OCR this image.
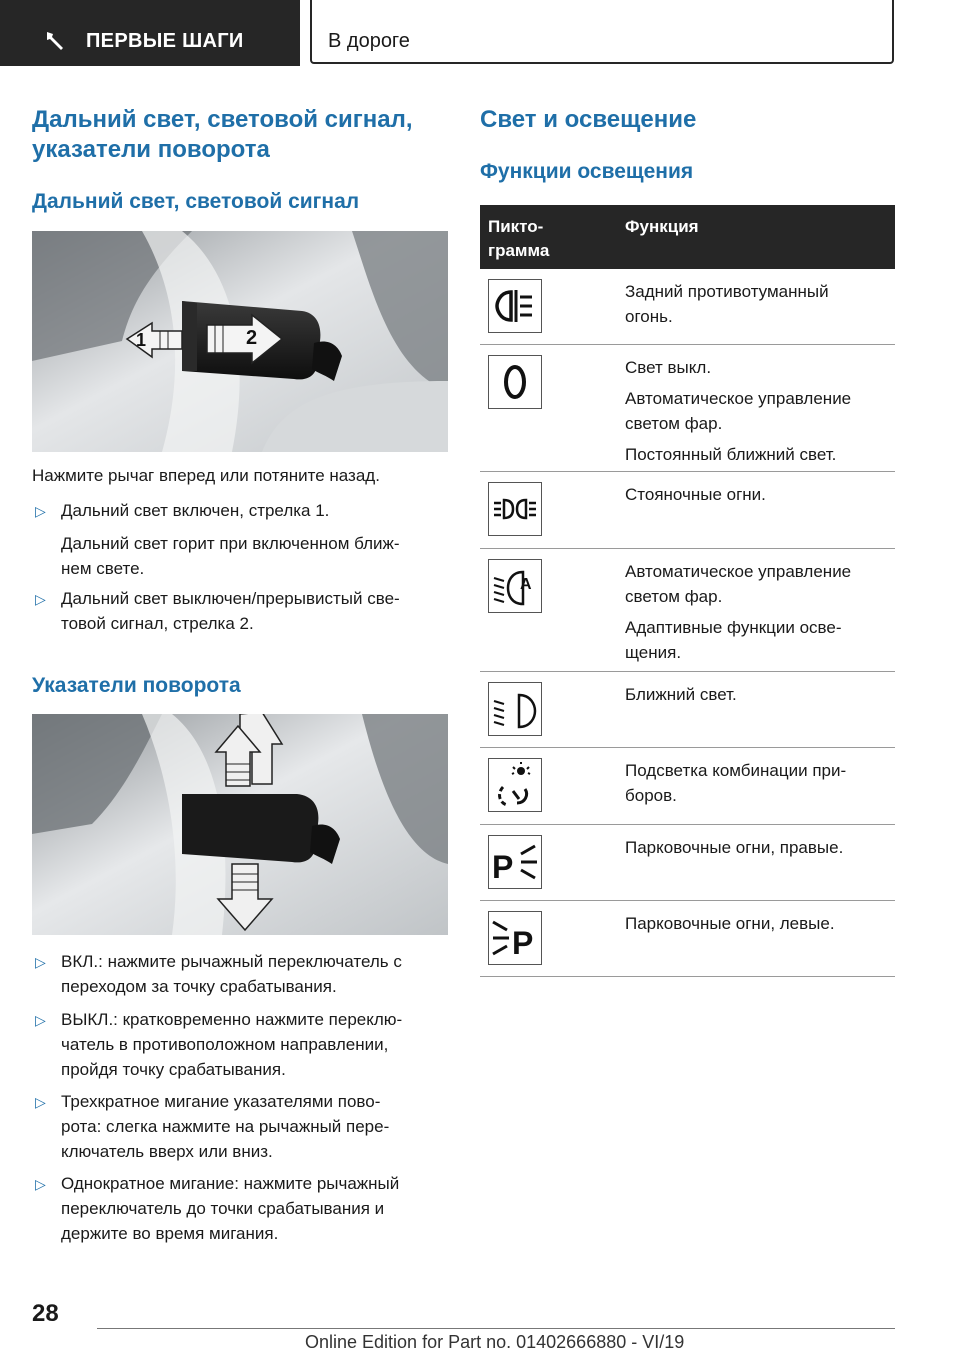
ПЕРВЫЕ ШАГИ	В дороге
Дальний свет, световой сигнал,
указатели поворота
Дальний свет, световой сигнал
1	2
Нажмите рычаг вперед или потяните назад.
▷ Дальний свет включен, стрелка 1.
Дальний свет горит при включенном ближ-
нем свете.
▷ Дальний свет выключен/прерывистый све-
товой сигнал, стрелка 2.
Указатели поворота
▷ ВКЛ.: нажмите рычажный переключатель с
переходом за точку срабатывания.
▷ ВЫКЛ.: кратковременно нажмите переклю-
чатель в противоположном направлении,
пройдя точку срабатывания.
▷ Трехкратное мигание указателями пово-
рота: слегка нажмите на рычажный пере-
ключатель вверх или вниз.
▷ Однократное мигание: нажмите рычажный
переключатель до точки срабатывания и
держите во время мигания.
Свет и освещение
Функции освещения
Пикто-
грамма
Функция

Задний противотуманный
огонь.

Свет выкл.

Автоматическое управление
светом фар.

Постоянный ближний свет.

Стояночные огни.

A

Автоматическое управление
светом фар.

Адаптивные функции осве-
щения.

Ближний свет.

Подсветка комбинации при-
боров.

P

Парковочные огни, правые.

P

Парковочные огни, левые.

28
Online Edition for Part no. 01402666880 - VI/19
